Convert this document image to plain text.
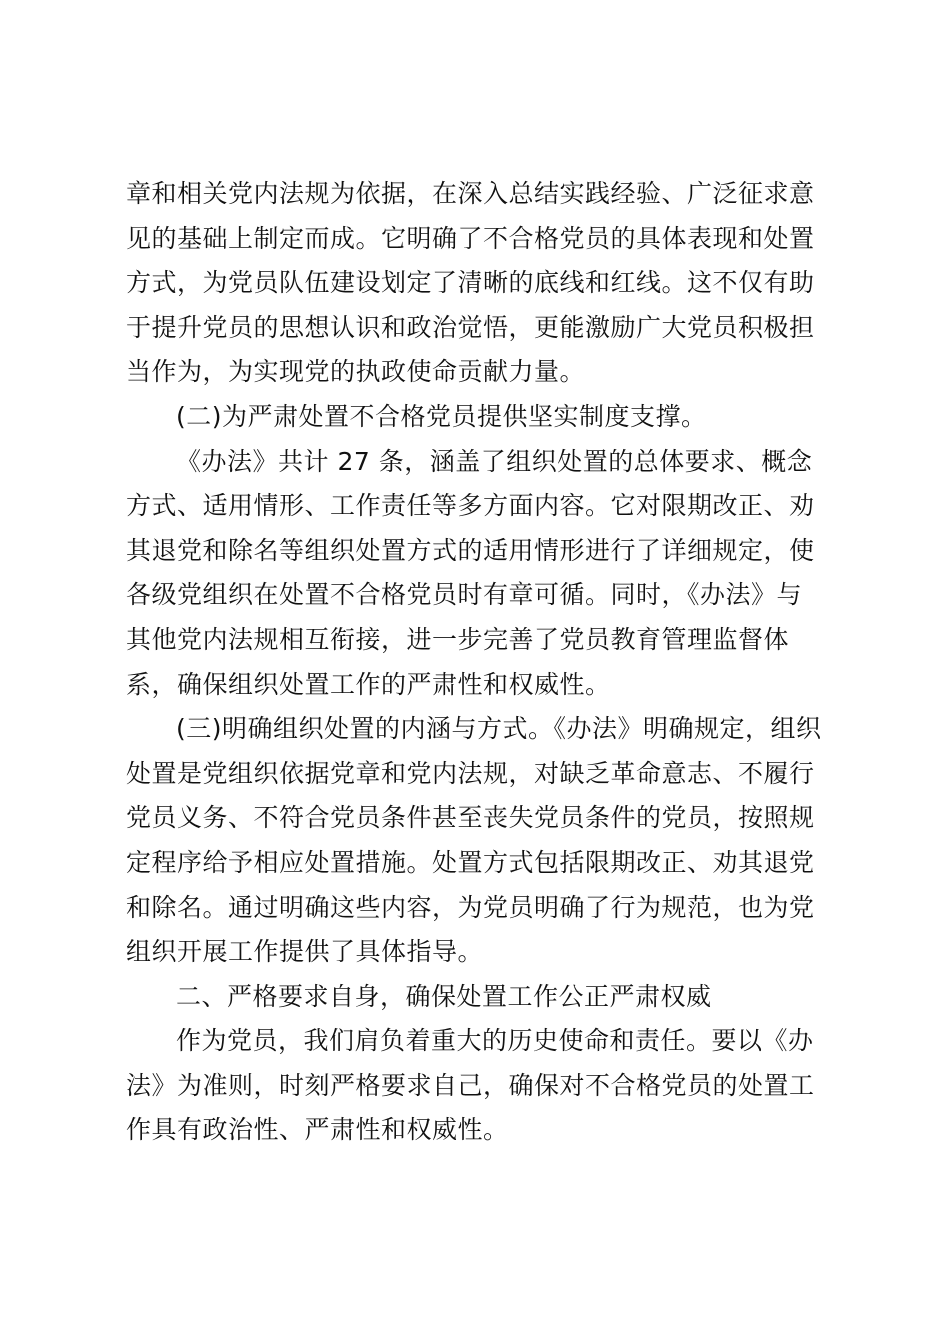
章和相关党内法规为依据，在深入总结实践经验、广泛征求意
见的基础上制定而成。它明确了不合格党员的具体表现和处置
方式，为党员队伍建设划定了清晰的底线和红线。这不仅有助
于提升党员的思想认识和政治觉悟，更能激励广大党员积极担
当作为，为实现党的执政使命贡献力量。
(二)为严肃处置不合格党员提供坚实制度支撑。
《办法》共计 27 条，涵盖了组织处置的总体要求、概念
方式、适用情形、工作责任等多方面内容。它对限期改正、劝
其退党和除名等组织处置方式的适用情形进行了详细规定，使
各级党组织在处置不合格党员时有章可循。同时，《办法》与
其他党内法规相互衔接，进一步完善了党员教育管理监督体
系，确保组织处置工作的严肃性和权威性。
(三)明确组织处置的内涵与方式。《办法》明确规定，组织
处置是党组织依据党章和党内法规，对缺乏革命意志、不履行
党员义务、不符合党员条件甚至丧失党员条件的党员，按照规
定程序给予相应处置措施。处置方式包括限期改正、劝其退党
和除名。通过明确这些内容，为党员明确了行为规范，也为党
组织开展工作提供了具体指导。
二、严格要求自身，确保处置工作公正严肃权威
作为党员，我们肩负着重大的历史使命和责任。要以《办
法》为准则，时刻严格要求自己，确保对不合格党员的处置工
作具有政治性、严肃性和权威性。
